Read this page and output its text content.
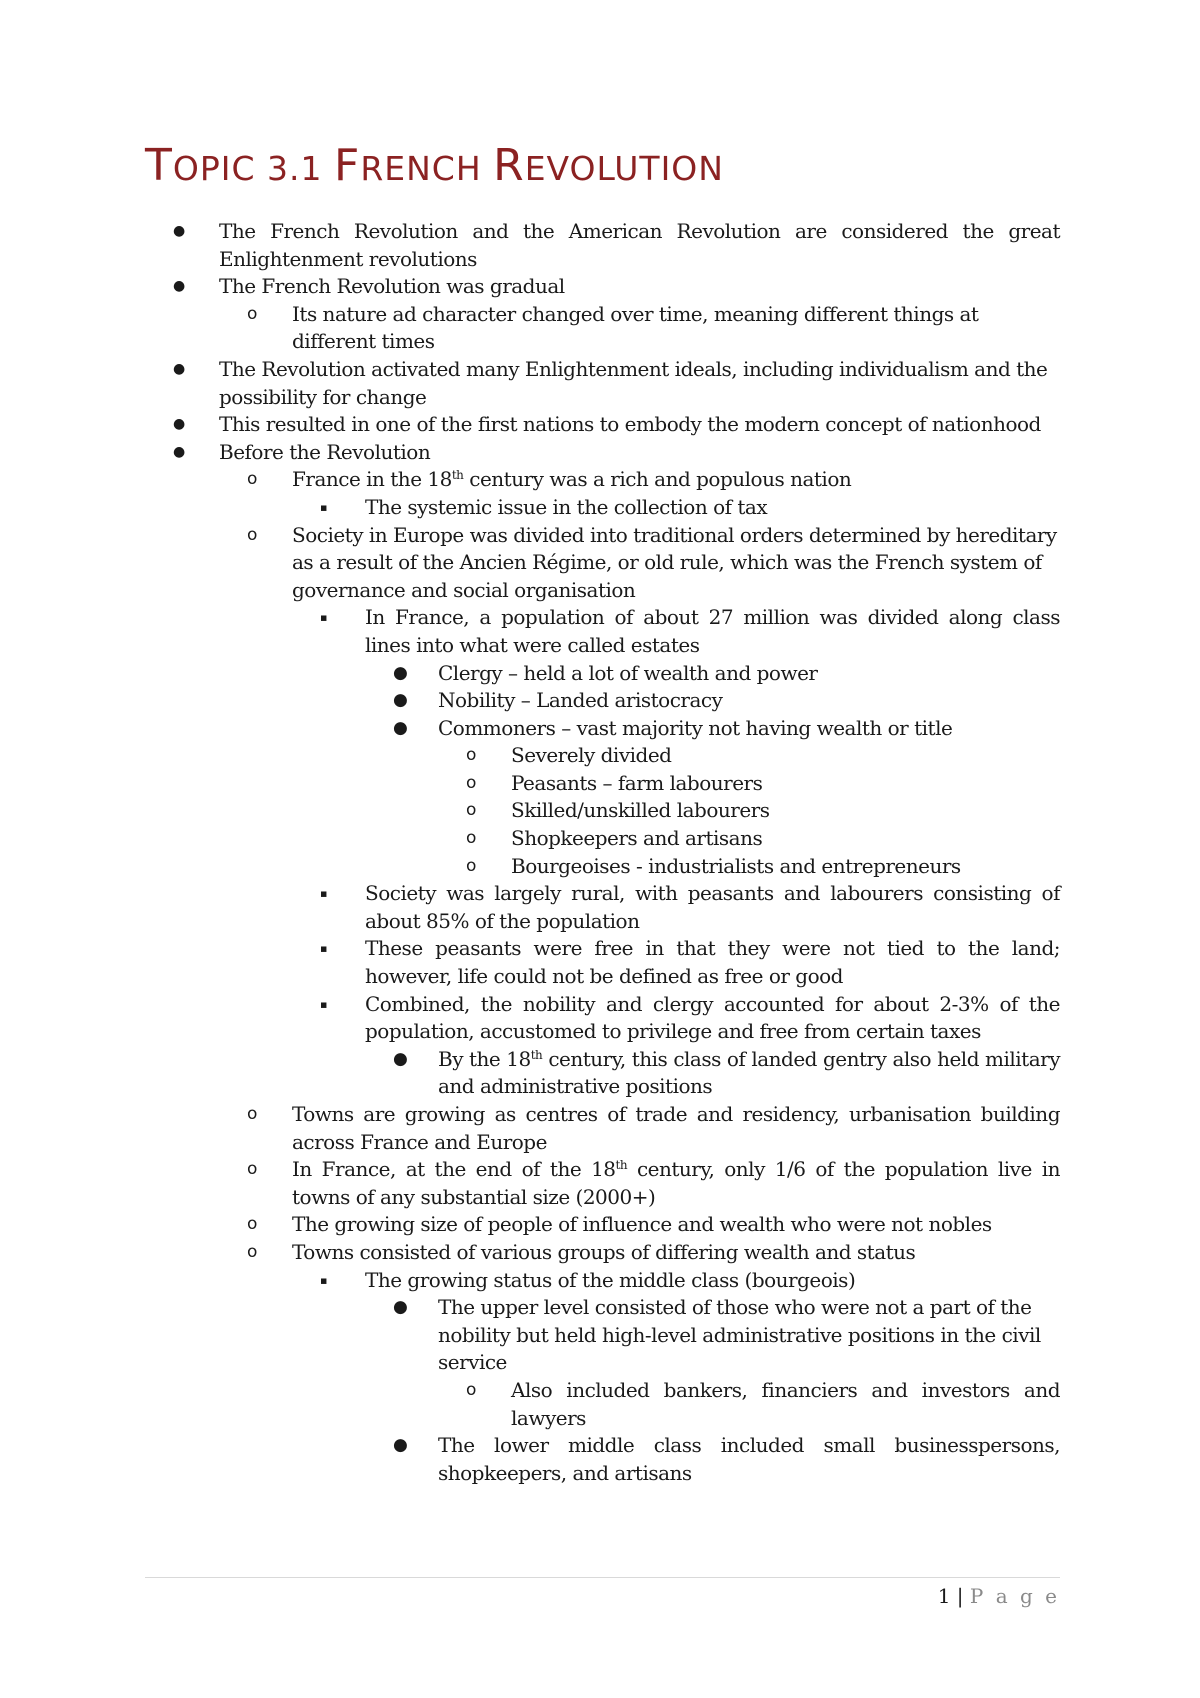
TOPIC 3.1 FRENCH REVOLUTION
● The French Revolution and the American Revolution are considered the great Enlightenment revolutions
● The French Revolution was gradual
o Its nature ad character changed over time, meaning different things at different times
● The Revolution activated many Enlightenment ideals, including individualism and the possibility for change
● This resulted in one of the first nations to embody the modern concept of nationhood
● Before the Revolution
o France in the 18th century was a rich and populous nation
▪ The systemic issue in the collection of tax
o Society in Europe was divided into traditional orders determined by hereditary as a result of the Ancien Régime, or old rule, which was the French system of governance and social organisation
▪ In France, a population of about 27 million was divided along class lines into what were called estates
● Clergy – held a lot of wealth and power
● Nobility – Landed aristocracy
● Commoners – vast majority not having wealth or title
o Severely divided
o Peasants – farm labourers
o Skilled/unskilled labourers
o Shopkeepers and artisans
o Bourgeoises - industrialists and entrepreneurs
▪ Society was largely rural, with peasants and labourers consisting of about 85% of the population
▪ These peasants were free in that they were not tied to the land; however, life could not be defined as free or good
▪ Combined, the nobility and clergy accounted for about 2-3% of the population, accustomed to privilege and free from certain taxes
● By the 18th century, this class of landed gentry also held military and administrative positions
o Towns are growing as centres of trade and residency, urbanisation building across France and Europe
o In France, at the end of the 18th century, only 1/6 of the population live in towns of any substantial size (2000+)
o The growing size of people of influence and wealth who were not nobles
o Towns consisted of various groups of differing wealth and status
▪ The growing status of the middle class (bourgeois)
● The upper level consisted of those who were not a part of the nobility but held high-level administrative positions in the civil service
o Also included bankers, financiers and investors and lawyers
● The lower middle class included small businesspersons, shopkeepers, and artisans
1 | P a g e
